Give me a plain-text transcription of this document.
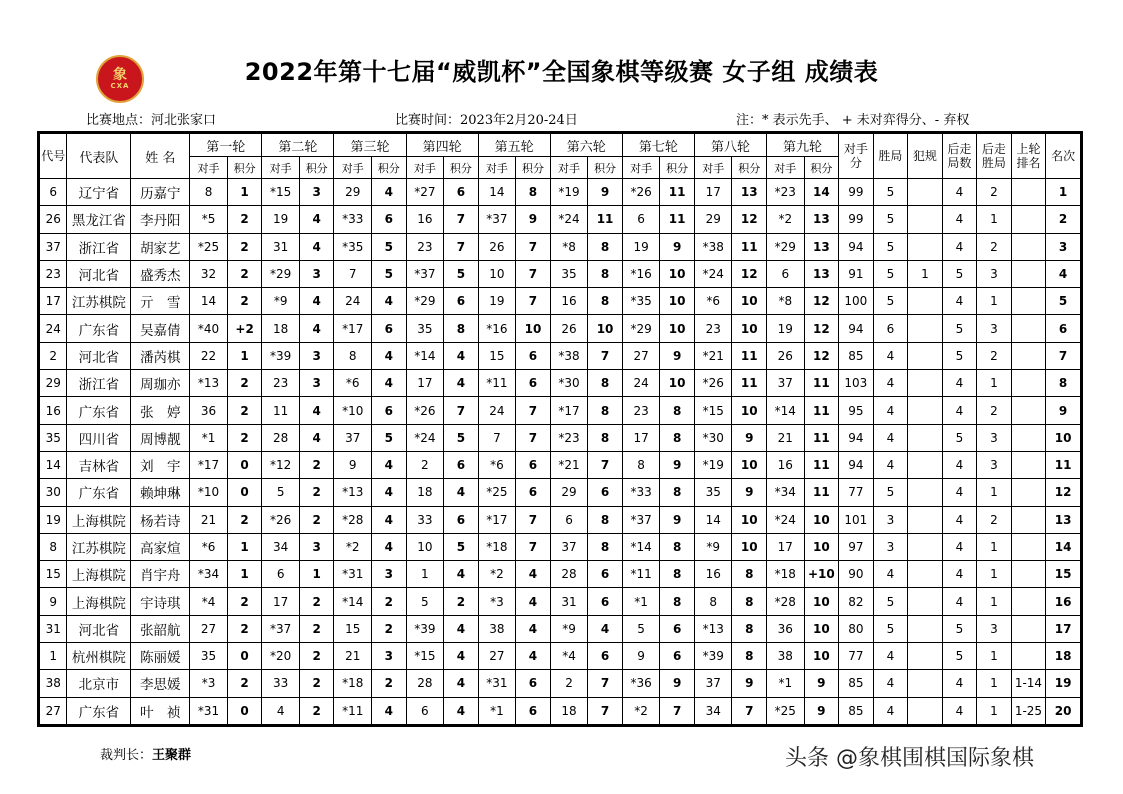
象
CXA	2022年第十七届“威凯杯”全国象棋等级赛 女子组 成绩表
比赛地点：河北张家口	比赛时间：2023年2月20-24日	注：* 表示先手、 + 未对弈得分、- 弃权
代号	代表队	姓 名	第一轮		第二轮		第三轮		第四轮		第五轮		第六轮		第七轮		第八轮		第九轮		对手分	胜局	犯规	后走局数	后走胜局	上轮排名	名次
			对手	积分	对手	积分	对手	积分	对手	积分	对手	积分	对手	积分	对手	积分	对手	积分	对手	积分							
6	辽宁省	历嘉宁	8	1	*15	3	29	4	*27	6	14	8	*19	9	*26	11	17	13	*23	14	99	5		4	2		1
26	黑龙江省	李丹阳	*5	2	19	4	*33	6	16	7	*37	9	*24	11	6	11	29	12	*2	13	99	5		4	1		2
37	浙江省	胡家艺	*25	2	31	4	*35	5	23	7	26	7	*8	8	19	9	*38	11	*29	13	94	5		4	2		3
23	河北省	盛秀杰	32	2	*29	3	7	5	*37	5	10	7	35	8	*16	10	*24	12	6	13	91	5	1	5	3		4
17	江苏棋院	亓　雪	14	2	*9	4	24	4	*29	6	19	7	16	8	*35	10	*6	10	*8	12	100	5		4	1		5
24	广东省	吴嘉倩	*40	+2	18	4	*17	6	35	8	*16	10	26	10	*29	10	23	10	19	12	94	6		5	3		6
2	河北省	潘芮棋	22	1	*39	3	8	4	*14	4	15	6	*38	7	27	9	*21	11	26	12	85	4		5	2		7
29	浙江省	周珈亦	*13	2	23	3	*6	4	17	4	*11	6	*30	8	24	10	*26	11	37	11	103	4		4	1		8
16	广东省	张　婷	36	2	11	4	*10	6	*26	7	24	7	*17	8	23	8	*15	10	*14	11	95	4		4	2		9
35	四川省	周博靓	*1	2	28	4	37	5	*24	5	7	7	*23	8	17	8	*30	9	21	11	94	4		5	3		10
14	吉林省	刘　宇	*17	0	*12	2	9	4	2	6	*6	6	*21	7	8	9	*19	10	16	11	94	4		4	3		11
30	广东省	赖坤琳	*10	0	5	2	*13	4	18	4	*25	6	29	6	*33	8	35	9	*34	11	77	5		4	1		12
19	上海棋院	杨若诗	21	2	*26	2	*28	4	33	6	*17	7	6	8	*37	9	14	10	*24	10	101	3		4	2		13
8	江苏棋院	高家煊	*6	1	34	3	*2	4	10	5	*18	7	37	8	*14	8	*9	10	17	10	97	3		4	1		14
15	上海棋院	肖宇舟	*34	1	6	1	*31	3	1	4	*2	4	28	6	*11	8	16	8	*18	+10	90	4		4	1		15
9	上海棋院	宇诗琪	*4	2	17	2	*14	2	5	2	*3	4	31	6	*1	8	8	8	*28	10	82	5		4	1		16
31	河北省	张韶航	27	2	*37	2	15	2	*39	4	38	4	*9	4	5	6	*13	8	36	10	80	5		5	3		17
1	杭州棋院	陈丽媛	35	0	*20	2	21	3	*15	4	27	4	*4	6	9	6	*39	8	38	10	77	4		5	1		18
38	北京市	李思媛	*3	2	33	2	*18	2	28	4	*31	6	2	7	*36	9	37	9	*1	9	85	4		4	1	1-14	19
27	广东省	叶　祯	*31	0	4	2	*11	4	6	4	*1	6	18	7	*2	7	34	7	*25	9	85	4		4	1	1-25	20
裁判长：王聚群	头条 @象棋围棋国际象棋
